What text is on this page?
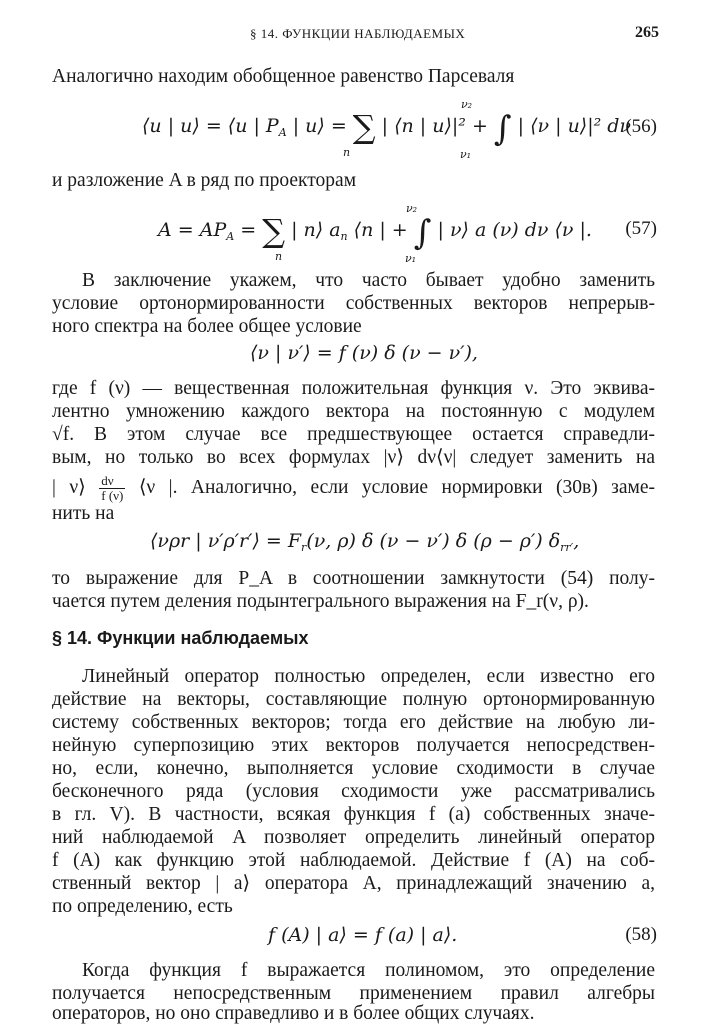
§ 14. ФУНКЦИИ НАБЛЮДАЕМЫХ	265
Аналогично находим обобщенное равенство Парсеваля
⟨u | u⟩ = ⟨u | $P_A$ | u⟩ = ∑ | ⟨n | u⟩|² + ∫ | ⟨ν | u⟩|² dν
n
ν₂
ν₁
(56)
и разложение A в ряд по проекторам
$A = AP_A$ = ∑ | n⟩ $a_n$ ⟨n | + ∫ | ν⟩ a (ν) dν ⟨ν |.
n
ν₂
ν₁
(57)
В заключение укажем, что часто бывает удобно заменить
условие ортонормированности собственных векторов непрерыв-
ного спектра на более общее условие
⟨ν | ν′⟩ = f (ν) δ (ν − ν′),
где f (ν) — вещественная положительная функция ν. Это эквива-
лентно умножению каждого вектора на постоянную с модулем
√f. В этом случае все предшествующее остается справедли-
вым, но только во всех формулах |ν⟩ dν⟨ν| следует заменить на
| ν⟩ $\frac{d\nu}{f (\nu)}$ ⟨ν |. Аналогично, если условие нормировки (30в) заме-
нить на
⟨νρr | ν′ρ′r′⟩ = $F_r(\nu$, ρ) δ (ν − ν′) δ (ρ − ρ′) $\delta_{rr'}$,
то выражение для P_A в соотношении замкнутости (54) полу-
чается путем деления подынтегрального выражения на F_r(ν, ρ).
§ 14. Функции наблюдаемых
Линейный оператор полностью определен, если известно его
действие на векторы, составляющие полную ортонормированную
систему собственных векторов; тогда его действие на любую ли-
нейную суперпозицию этих векторов получается непосредствен-
но, если, конечно, выполняется условие сходимости в случае
бесконечного ряда (условия сходимости уже рассматривались
в гл. V). В частности, всякая функция f (a) собственных значе-
ний наблюдаемой A позволяет определить линейный оператор
f (A) как функцию этой наблюдаемой. Действие f (A) на соб-
ственный вектор | a⟩ оператора A, принадлежащий значению a,
по определению, есть
f (A) | a⟩ = f (a) | a⟩.	(58)
Когда функция f выражается полиномом, это определение
получается непосредственным применением правил алгебры
операторов, но оно справедливо и в более общих случаях.
